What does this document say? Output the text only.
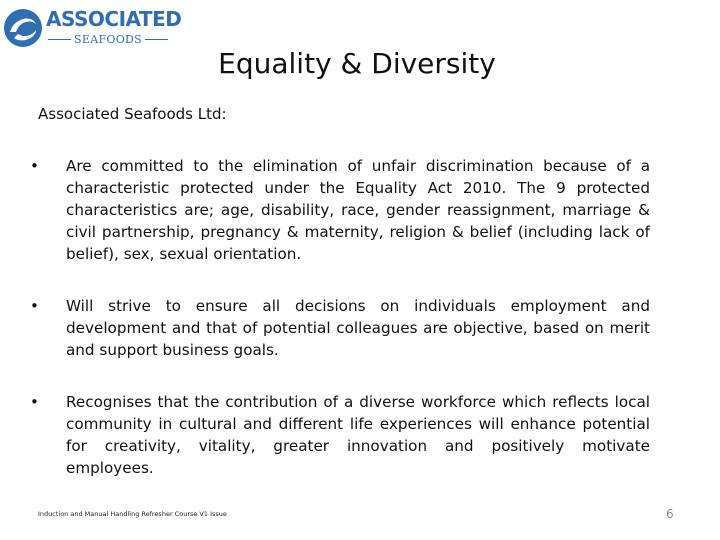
ASSOCIATED
SEAFOODS
Equality & Diversity

Associated Seafoods Ltd:

•	Are committed to the elimination of unfair discrimination because of a characteristic protected under the Equality Act 2010. The 9 protected characteristics are; age, disability, race, gender reassignment, marriage & civil partnership, pregnancy & maternity, religion & belief (including lack of belief), sex, sexual orientation.
•	Will strive to ensure all decisions on individuals employment and development and that of potential colleagues are objective, based on merit and support business goals.
•	Recognises that the contribution of a diverse workforce which reflects local community in cultural and different life experiences will enhance potential for creativity, vitality, greater innovation and positively motivate employees.
Induction and Manual Handling Refresher Course V1 Issue	6
